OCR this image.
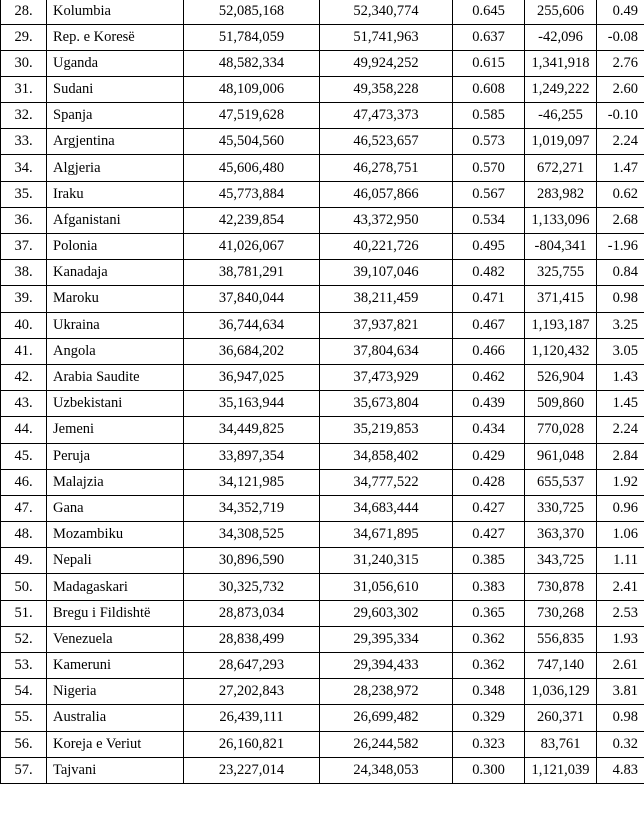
28.	Kolumbia	52,085,168	52,340,774	0.645	255,606	0.49
29.	Rep. e Koresë	51,784,059	51,741,963	0.637	-42,096	-0.08
30.	Uganda	48,582,334	49,924,252	0.615	1,341,918	2.76
31.	Sudani	48,109,006	49,358,228	0.608	1,249,222	2.60
32.	Spanja	47,519,628	47,473,373	0.585	-46,255	-0.10
33.	Argjentina	45,504,560	46,523,657	0.573	1,019,097	2.24
34.	Algjeria	45,606,480	46,278,751	0.570	672,271	1.47
35.	Iraku	45,773,884	46,057,866	0.567	283,982	0.62
36.	Afganistani	42,239,854	43,372,950	0.534	1,133,096	2.68
37.	Polonia	41,026,067	40,221,726	0.495	-804,341	-1.96
38.	Kanadaja	38,781,291	39,107,046	0.482	325,755	0.84
39.	Maroku	37,840,044	38,211,459	0.471	371,415	0.98
40.	Ukraina	36,744,634	37,937,821	0.467	1,193,187	3.25
41.	Angola	36,684,202	37,804,634	0.466	1,120,432	3.05
42.	Arabia Saudite	36,947,025	37,473,929	0.462	526,904	1.43
43.	Uzbekistani	35,163,944	35,673,804	0.439	509,860	1.45
44.	Jemeni	34,449,825	35,219,853	0.434	770,028	2.24
45.	Peruja	33,897,354	34,858,402	0.429	961,048	2.84
46.	Malajzia	34,121,985	34,777,522	0.428	655,537	1.92
47.	Gana	34,352,719	34,683,444	0.427	330,725	0.96
48.	Mozambiku	34,308,525	34,671,895	0.427	363,370	1.06
49.	Nepali	30,896,590	31,240,315	0.385	343,725	1.11
50.	Madagaskari	30,325,732	31,056,610	0.383	730,878	2.41
51.	Bregu i Fildishtë	28,873,034	29,603,302	0.365	730,268	2.53
52.	Venezuela	28,838,499	29,395,334	0.362	556,835	1.93
53.	Kameruni	28,647,293	29,394,433	0.362	747,140	2.61
54.	Nigeria	27,202,843	28,238,972	0.348	1,036,129	3.81
55.	Australia	26,439,111	26,699,482	0.329	260,371	0.98
56.	Koreja e Veriut	26,160,821	26,244,582	0.323	83,761	0.32
57.	Tajvani	23,227,014	24,348,053	0.300	1,121,039	4.83
